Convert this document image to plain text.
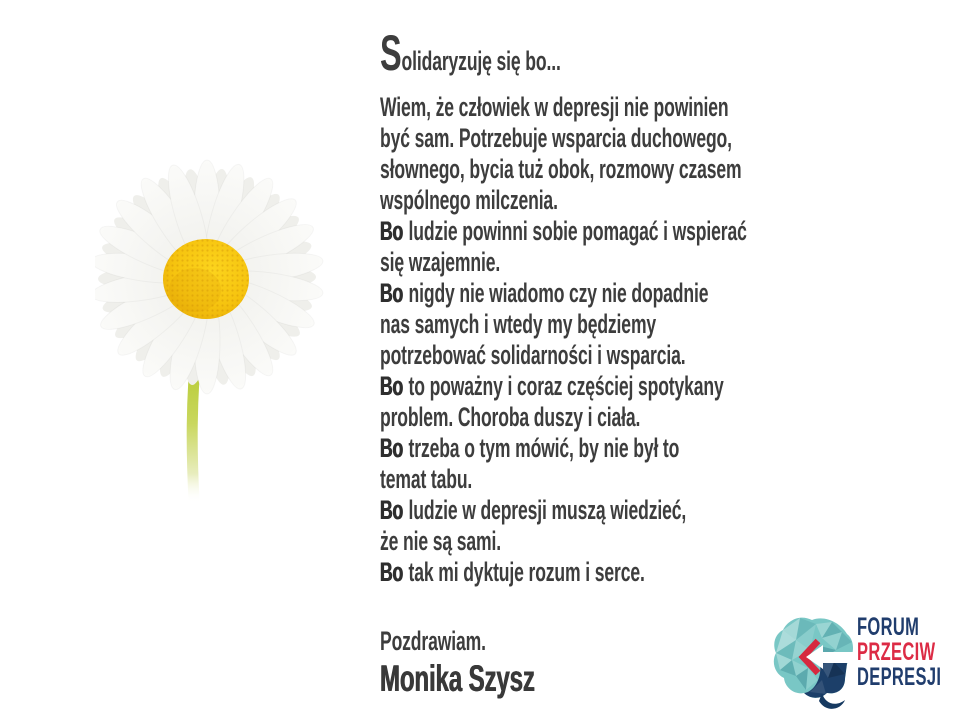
Solidaryzuję się bo...
Wiem, że człowiek w depresji nie powinien
być sam. Potrzebuje wsparcia duchowego,
słownego, bycia tuż obok, rozmowy czasem
wspólnego milczenia.
Bo ludzie powinni sobie pomagać i wspierać
się wzajemnie.
Bo nigdy nie wiadomo czy nie dopadnie
nas samych i wtedy my będziemy
potrzebować solidarności i wsparcia.
Bo to poważny i coraz częściej spotykany
problem. Choroba duszy i ciała.
Bo trzeba o tym mówić, by nie był to
temat tabu.
Bo ludzie w depresji muszą wiedzieć,
że nie są sami.
Bo tak mi dyktuje rozum i serce.
Pozdrawiam.
Monika Szysz
FORUM
PRZECIW
DEPRESJI
